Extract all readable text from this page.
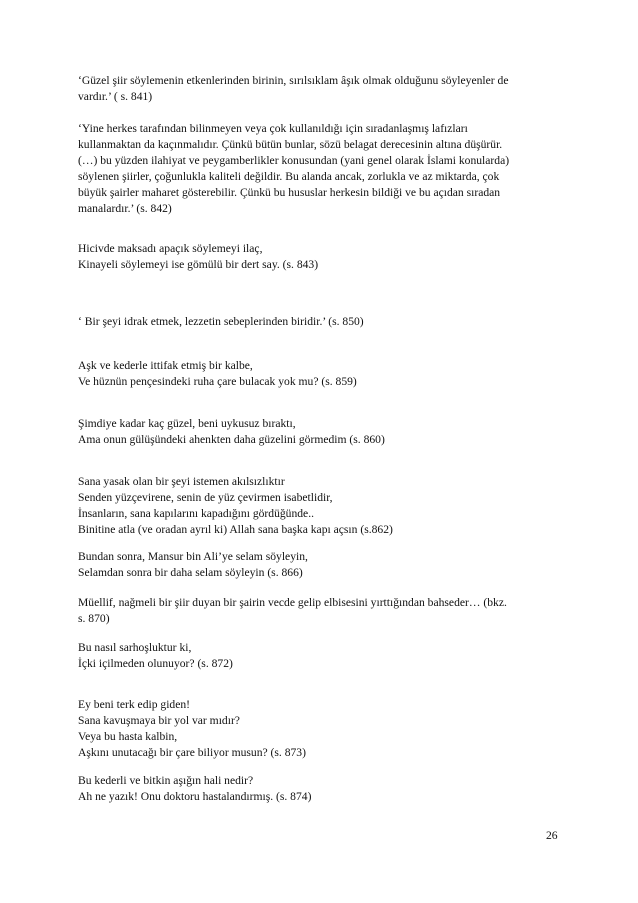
‘Güzel şiir söylemenin etkenlerinden birinin, sırılsıklam âşık olmak olduğunu söyleyenler de
vardır.’ ( s. 841)
‘Yine herkes tarafından bilinmeyen veya çok kullanıldığı için sıradanlaşmış lafızları
kullanmaktan da kaçınmalıdır. Çünkü bütün bunlar, sözü belagat derecesinin altına düşürür.
(…) bu yüzden ilahiyat ve peygamberlikler konusundan (yani genel olarak İslami konularda)
söylenen şiirler, çoğunlukla kaliteli değildir. Bu alanda ancak, zorlukla ve az miktarda, çok
büyük şairler maharet gösterebilir. Çünkü bu hususlar herkesin bildiği ve bu açıdan sıradan
manalardır.’ (s. 842)
Hicivde maksadı apaçık söylemeyi ilaç,
Kinayeli söylemeyi ise gömülü bir dert say. (s. 843)
‘ Bir şeyi idrak etmek, lezzetin sebeplerinden biridir.’ (s. 850)
Aşk ve kederle ittifak etmiş bir kalbe,
Ve hüznün pençesindeki ruha çare bulacak yok mu? (s. 859)
Şimdiye kadar kaç güzel, beni uykusuz bıraktı,
Ama onun gülüşündeki ahenkten daha güzelini görmedim (s. 860)
Sana yasak olan bir şeyi istemen akılsızlıktır
Senden yüzçevirene, senin de yüz çevirmen isabetlidir,
İnsanların, sana kapılarını kapadığını gördüğünde..
Binitine atla (ve oradan ayrıl ki) Allah sana başka kapı açsın (s.862)
Bundan sonra, Mansur bin Ali’ye selam söyleyin,
Selamdan sonra bir daha selam söyleyin (s. 866)
Müellif, nağmeli bir şiir duyan bir şairin vecde gelip elbisesini yırttığından bahseder… (bkz.
s. 870)
Bu nasıl sarhoşluktur ki,
İçki içilmeden olunuyor? (s. 872)
Ey beni terk edip giden!
Sana kavuşmaya bir yol var mıdır?
Veya bu hasta kalbin,
Aşkını unutacağı bir çare biliyor musun? (s. 873)
Bu kederli ve bitkin aşığın hali nedir?
Ah ne yazık! Onu doktoru hastalandırmış. (s. 874)
26
